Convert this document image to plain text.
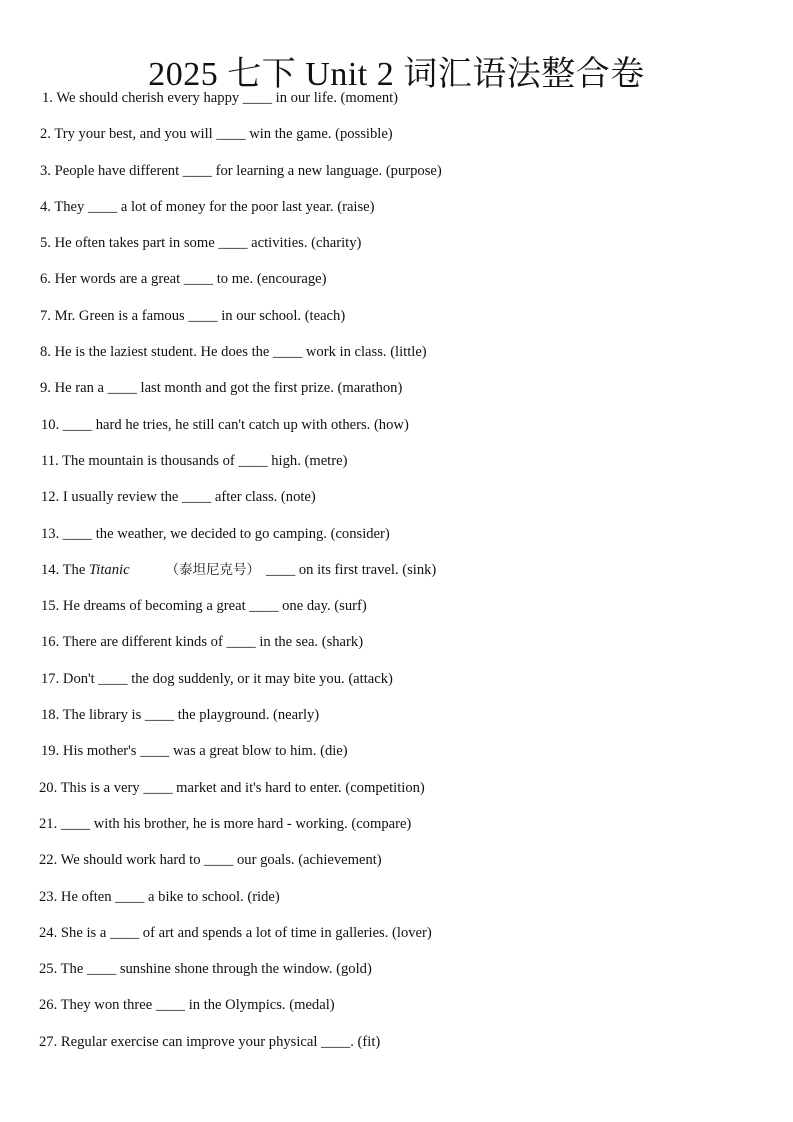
2025 七下 Unit 2 词汇语法整合卷
1. We should cherish every happy ____ in our life. (moment)
2. Try your best, and you will ____ win the game. (possible)
3. People have different ____ for learning a new language. (purpose)
4. They ____ a lot of money for the poor last year. (raise)
5. He often takes part in some ____ activities. (charity)
6. Her words are a great ____ to me. (encourage)
7. Mr. Green is a famous ____ in our school. (teach)
8. He is the laziest student. He does the ____ work in class. (little)
9. He ran a ____ last month and got the first prize. (marathon)
10. ____ hard he tries, he still can't catch up with others. (how)
11. The mountain is thousands of ____ high. (metre)
12. I usually review the ____ after class. (note)
13. ____ the weather, we decided to go camping. (consider)
14. The Titanic	（泰坦尼克号） ____ on its first travel. (sink)
15. He dreams of becoming a great ____ one day. (surf)
16. There are different kinds of ____ in the sea. (shark)
17. Don't ____ the dog suddenly, or it may bite you. (attack)
18. The library is ____ the playground. (nearly)
19. His mother's ____ was a great blow to him. (die)
20. This is a very ____ market and it's hard to enter. (competition)
21. ____ with his brother, he is more hard - working. (compare)
22. We should work hard to ____ our goals. (achievement)
23. He often ____ a bike to school. (ride)
24. She is a ____ of art and spends a lot of time in galleries. (lover)
25. The ____ sunshine shone through the window. (gold)
26. They won three ____ in the Olympics. (medal)
27. Regular exercise can improve your physical ____. (fit)
